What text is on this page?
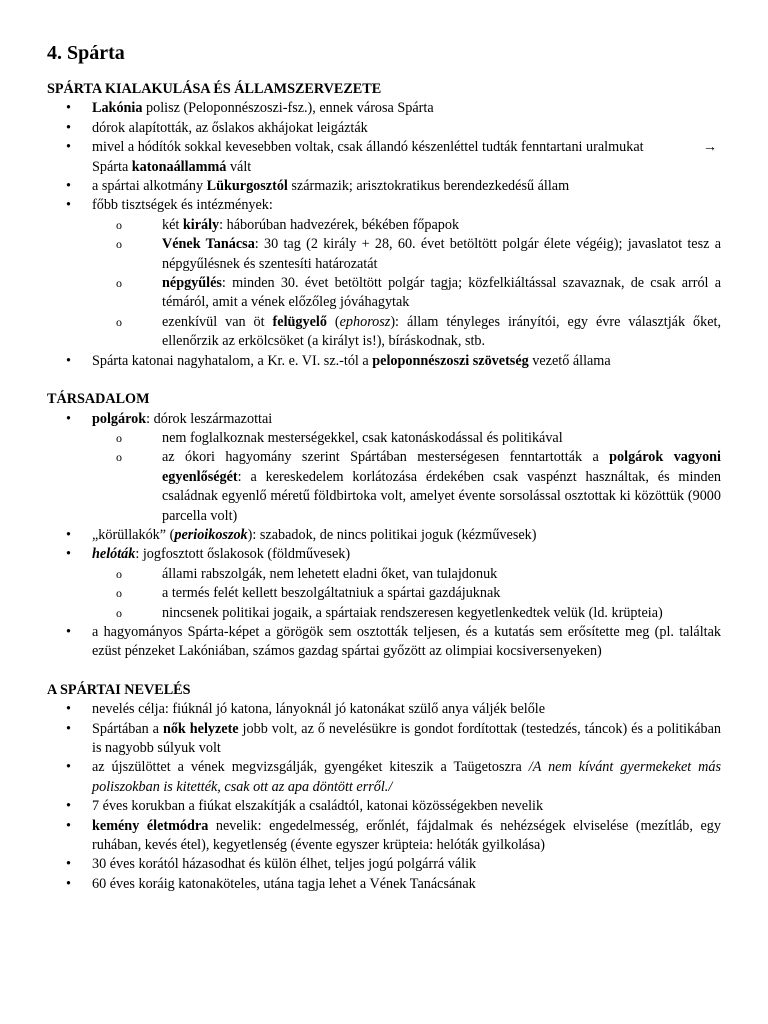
4. Spárta
SPÁRTA KIALAKULÁSA ÉS ÁLLAMSZERVEZETE
• Lakónia polisz (Peloponnészoszi-fsz.), ennek városa Spárta
• dórok alapították, az őslakos akhájokat leigázták
• mivel a hódítók sokkal kevesebben voltak, csak állandó készenléttel tudták fenntartani uralmukat	→

Spárta katonaállammá vált
• a spártai alkotmány Lükurgosztól származik; arisztokratikus berendezkedésű állam
• főbb tisztségek és intézmények:
o két király: háborúban hadvezérek, békében főpapok
o Vének Tanácsa: 30 tag (2 király + 28, 60. évet betöltött polgár élete végéig); javaslatot tesz a népgyűlésnek és szentesíti határozatát
o népgyűlés: minden 30. évet betöltött polgár tagja; közfelkiáltással szavaznak, de csak arról a témáról, amit a vének előzőleg jóváhagytak
o ezenkívül van öt felügyelő (ephorosz): állam tényleges irányítói, egy évre választják őket, ellenőrzik az erkölcsöket (a királyt is!), bíráskodnak, stb.
• Spárta katonai nagyhatalom, a Kr. e. VI. sz.-tól a peloponnészoszi szövetség vezető állama
TÁRSADALOM
• polgárok: dórok leszármazottai
o nem foglalkoznak mesterségekkel, csak katonáskodással és politikával
o az ókori hagyomány szerint Spártában mesterségesen fenntartották a polgárok vagyoni egyenlőségét: a kereskedelem korlátozása érdekében csak vaspénzt használtak, és minden családnak egyenlő méretű földbirtoka volt, amelyet évente sorsolással osztottak ki közöttük (9000 parcella volt)
• „körüllakók” (perioikoszok): szabadok, de nincs politikai joguk (kézművesek)
• helóták: jogfosztott őslakosok (földművesek)
o állami rabszolgák, nem lehetett eladni őket, van tulajdonuk
o a termés felét kellett beszolgáltatniuk a spártai gazdájuknak
o nincsenek politikai jogaik, a spártaiak rendszeresen kegyetlenkedtek velük (ld. krüpteia)
• a hagyományos Spárta-képet a görögök sem osztották teljesen, és a kutatás sem erősítette meg (pl. találtak ezüst pénzeket Lakóniában, számos gazdag spártai győzött az olimpiai kocsiversenyeken)
A SPÁRTAI NEVELÉS
• nevelés célja: fiúknál jó katona, lányoknál jó katonákat szülő anya váljék belőle
• Spártában a nők helyzete jobb volt, az ő nevelésükre is gondot fordítottak (testedzés, táncok) és a politikában is nagyobb súlyuk volt
• az újszülöttet a vének megvizsgálják, gyengéket kiteszik a Taügetoszra /A nem kívánt gyermekeket más poliszokban is kitették, csak ott az apa döntött erről./
• 7 éves korukban a fiúkat elszakítják a családtól, katonai közösségekben nevelik
• kemény életmódra nevelik: engedelmesség, erőnlét, fájdalmak és nehézségek elviselése (mezítláb, egy ruhában, kevés étel), kegyetlenség (évente egyszer krüpteia: helóták gyilkolása)
• 30 éves korától házasodhat és külön élhet, teljes jogú polgárrá válik
• 60 éves koráig katonaköteles, utána tagja lehet a Vének Tanácsának
